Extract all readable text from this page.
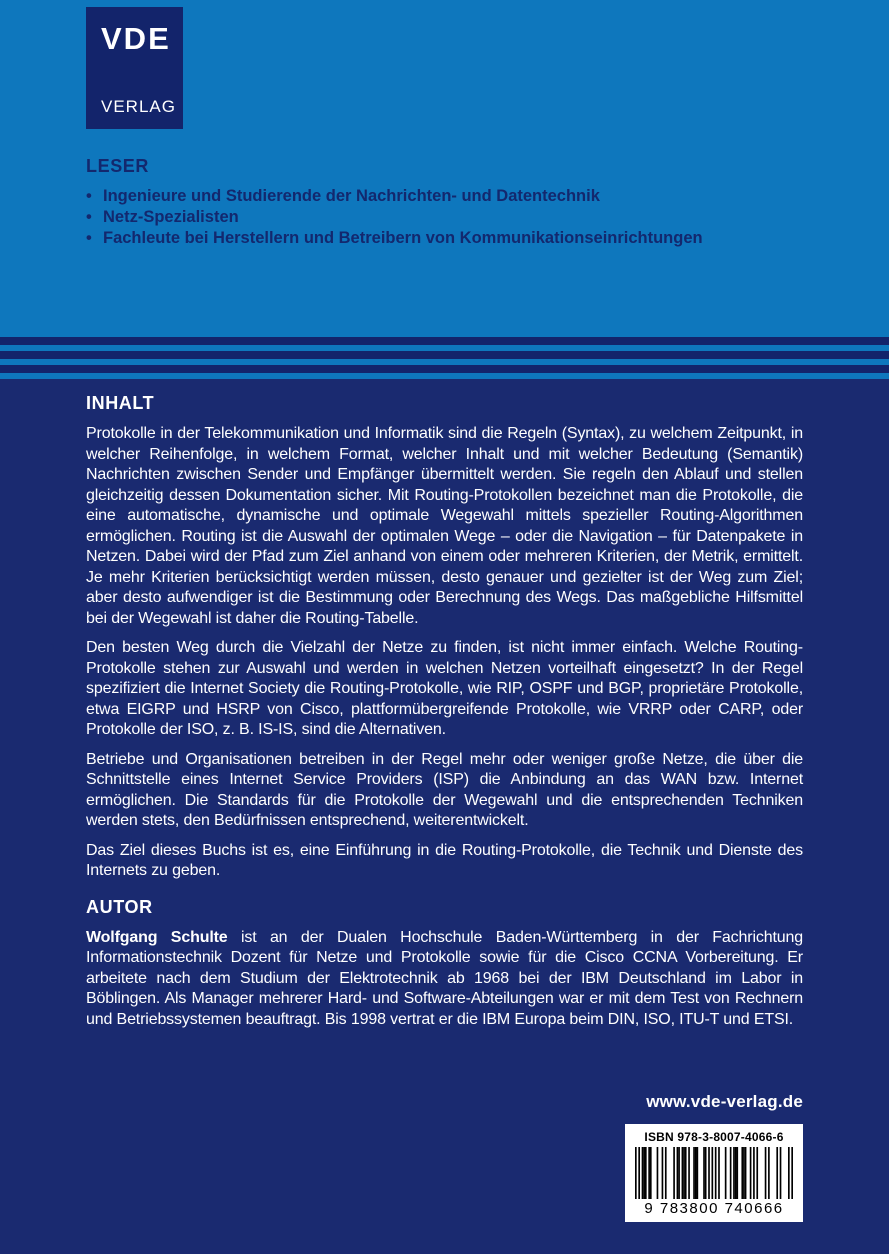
VDE
VERLAG
LESER
• Ingenieure und Studierende der Nachrichten- und Datentechnik
• Netz-Spezialisten
• Fachleute bei Herstellern und Betreibern von Kommunikationseinrichtungen
INHALT

Protokolle in der Telekommunikation und Informatik sind die Regeln (Syntax), zu welchem Zeitpunkt, in welcher Reihenfolge, in welchem Format, welcher Inhalt und mit welcher Bedeutung (Semantik) Nachrichten zwischen Sender und Empfänger übermittelt werden. Sie regeln den Ablauf und stellen gleichzeitig dessen Dokumentation sicher. Mit Routing-Protokollen bezeichnet man die Protokolle, die eine automatische, dynamische und optimale Wegewahl mittels spezieller Routing-Algorithmen ermöglichen. Routing ist die Auswahl der optimalen Wege – oder die Navigation – für Datenpakete in Netzen. Dabei wird der Pfad zum Ziel anhand von einem oder mehreren Kriterien, der Metrik, ermittelt. Je mehr Kriterien berücksichtigt werden müssen, desto genauer und gezielter ist der Weg zum Ziel; aber desto aufwendiger ist die Bestimmung oder Berechnung des Wegs. Das maßgebliche Hilfsmittel bei der Wegewahl ist daher die Routing-Tabelle.

Den besten Weg durch die Vielzahl der Netze zu finden, ist nicht immer einfach. Welche Routing-Protokolle stehen zur Auswahl und werden in welchen Netzen vorteilhaft eingesetzt? In der Regel spezifiziert die Internet Society die Routing-Protokolle, wie RIP, OSPF und BGP, proprietäre Protokolle, etwa EIGRP und HSRP von Cisco, plattformübergreifende Protokolle, wie VRRP oder CARP, oder Protokolle der ISO, z. B. IS-IS, sind die Alternativen.

Betriebe und Organisationen betreiben in der Regel mehr oder weniger große Netze, die über die Schnittstelle eines Internet Service Providers (ISP) die Anbindung an das WAN bzw. Internet ermöglichen. Die Standards für die Protokolle der Wegewahl und die entsprechenden Techniken werden stets, den Bedürfnissen entsprechend, weiterentwickelt.

Das Ziel dieses Buchs ist es, eine Einführung in die Routing-Protokolle, die Technik und Dienste des Internets zu geben.

AUTOR

Wolfgang Schulte ist an der Dualen Hochschule Baden-Württemberg in der Fachrichtung Informationstechnik Dozent für Netze und Protokolle sowie für die Cisco CCNA Vorbereitung. Er arbeitete nach dem Studium der Elektrotechnik ab 1968 bei der IBM Deutschland im Labor in Böblingen. Als Manager mehrerer Hard- und Software-Abteilungen war er mit dem Test von Rechnern und Betriebssystemen beauftragt. Bis 1998 vertrat er die IBM Europa beim DIN, ISO, ITU-T und ETSI.

www.vde-verlag.de
ISBN 978-3-8007-4066-6
9 783800 740666
